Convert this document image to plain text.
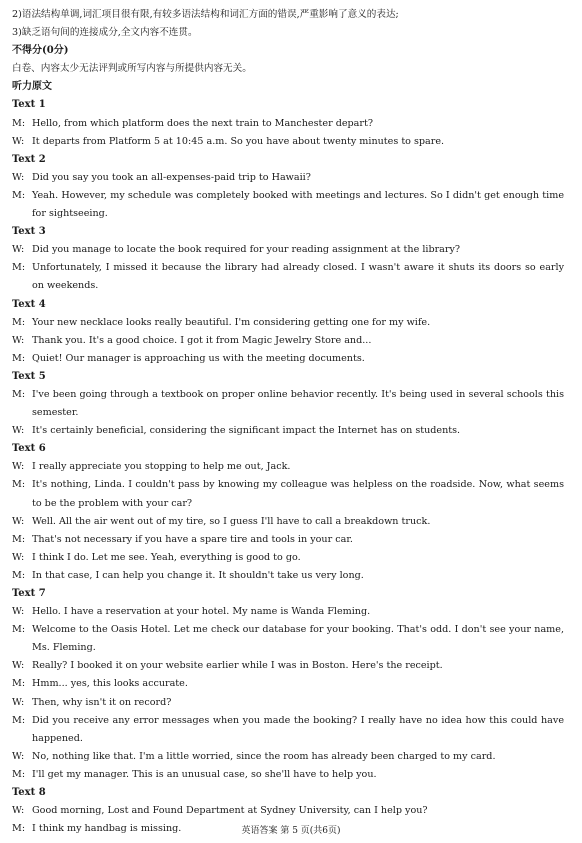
2)语法结构单调,词汇项目很有限,有较多语法结构和词汇方面的错误,严重影响了意义的表达;
3)缺乏语句间的连接成分,全文内容不连贯。
不得分(0分)
白卷、内容太少无法评判或所写内容与所提供内容无关。
听力原文
Text 1
M: Hello, from which platform does the next train to Manchester depart?
W: It departs from Platform 5 at 10:45 a.m. So you have about twenty minutes to spare.
Text 2
W: Did you say you took an all-expenses-paid trip to Hawaii?
M: Yeah. However, my schedule was completely booked with meetings and lectures. So I didn't get enough time for sightseeing.
Text 3
W: Did you manage to locate the book required for your reading assignment at the library?
M: Unfortunately, I missed it because the library had already closed. I wasn't aware it shuts its doors so early on weekends.
Text 4
M: Your new necklace looks really beautiful. I'm considering getting one for my wife.
W: Thank you. It's a good choice. I got it from Magic Jewelry Store and...
M: Quiet! Our manager is approaching us with the meeting documents.
Text 5
M: I've been going through a textbook on proper online behavior recently. It's being used in several schools this semester.
W: It's certainly beneficial, considering the significant impact the Internet has on students.
Text 6
W: I really appreciate you stopping to help me out, Jack.
M: It's nothing, Linda. I couldn't pass by knowing my colleague was helpless on the roadside. Now, what seems to be the problem with your car?
W: Well. All the air went out of my tire, so I guess I'll have to call a breakdown truck.
M: That's not necessary if you have a spare tire and tools in your car.
W: I think I do. Let me see. Yeah, everything is good to go.
M: In that case, I can help you change it. It shouldn't take us very long.
Text 7
W: Hello. I have a reservation at your hotel. My name is Wanda Fleming.
M: Welcome to the Oasis Hotel. Let me check our database for your booking. That's odd. I don't see your name, Ms. Fleming.
W: Really? I booked it on your website earlier while I was in Boston. Here's the receipt.
M: Hmm... yes, this looks accurate.
W: Then, why isn't it on record?
M: Did you receive any error messages when you made the booking? I really have no idea how this could have happened.
W: No, nothing like that. I'm a little worried, since the room has already been charged to my card.
M: I'll get my manager. This is an unusual case, so she'll have to help you.
Text 8
W: Good morning, Lost and Found Department at Sydney University, can I help you?
M: I think my handbag is missing.	英语答案 第 5 页(共6页)
